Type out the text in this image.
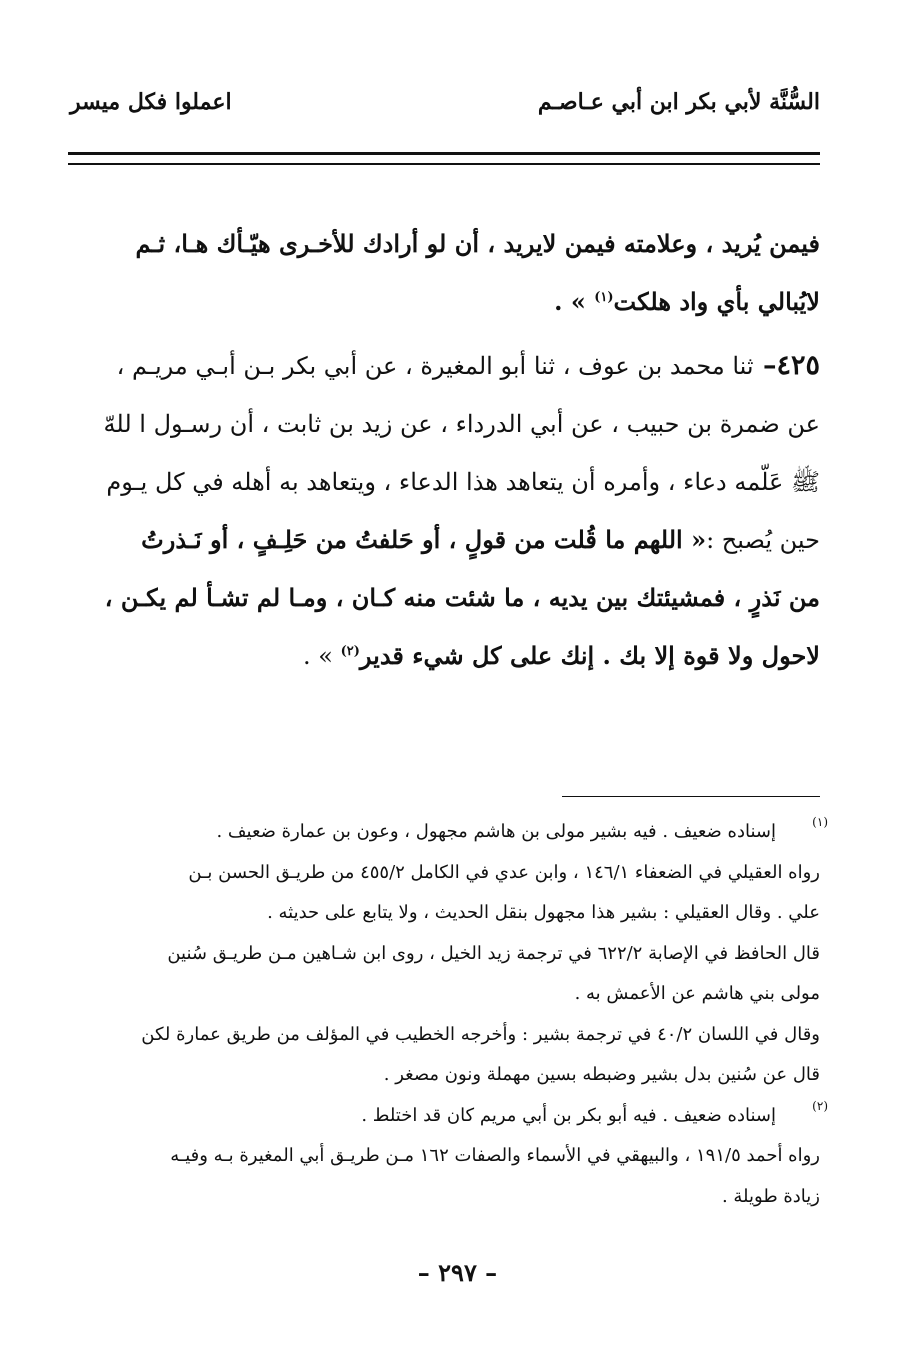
السُّنَّة لأبي بكر ابن أبي عـاصـم
اعملوا فكل ميسر

فيمن يُريد ، وعلامته فيمن لايريد ، أن لو أرادك للأخـرى هيّـأك هـا، ثـم

لايُبالي بأي واد هلكت$^{(١)}$ » .

٤٢٥– ثنا محمد بن عوف ، ثنا أبو المغيرة ، عن أبي بكر بـن أبـي مريـم ،

عن ضمرة بن حبيب ، عن أبي الدرداء ، عن زيد بن ثابت ، أن رسـول ا للهّ

ﷺ عَلّمه دعاء ، وأمره أن يتعاهد هذا الدعاء ، ويتعاهد به أهله في كل يـوم

حين يُصبح :« اللهم ما قُلت من قولٍ ، أو حَلفتُ من حَلِـفٍ ، أو نَـذرتُ

من نَذرٍ ، فمشيئتك بين يديه ، ما شئت منه كـان ، ومـا لم تشـأ لم يكـن ،

لاحول ولا قوة إلا بك . إنك على كل شيء قدير$^{(٢)}$ » .

(١)
إسناده ضعيف . فيه بشير مولى بن هاشم مجهول ، وعون بن عمارة ضعيف .
رواه العقيلي في الضعفاء ١٤٦/١ ، وابن عدي في الكامل ٤٥٥/٢ من طريـق الحسن بـن
علي . وقال العقيلي : بشير هذا مجهول بنقل الحديث ، ولا يتابع على حديثه .
قال الحافظ في الإصابة ٦٢٢/٢ في ترجمة زيد الخيل ، روى ابن شـاهين مـن طريـق سُنين
مولى بني هاشم عن الأعمش به .
وقال في اللسان ٤٠/٢ في ترجمة بشير : وأخرجه الخطيب في المؤلف من طريق عمارة لكن
قال عن سُنين بدل بشير وضبطه بسين مهملة ونون مصغر .
(٢)
إسناده ضعيف . فيه أبو بكر بن أبي مريم كان قد اختلط .
رواه أحمد ١٩١/٥ ، والبيهقي في الأسماء والصفات ١٦٢ مـن طريـق أبي المغيرة بـه وفيـه
زيادة طويلة .
– ٢٩٧ –
